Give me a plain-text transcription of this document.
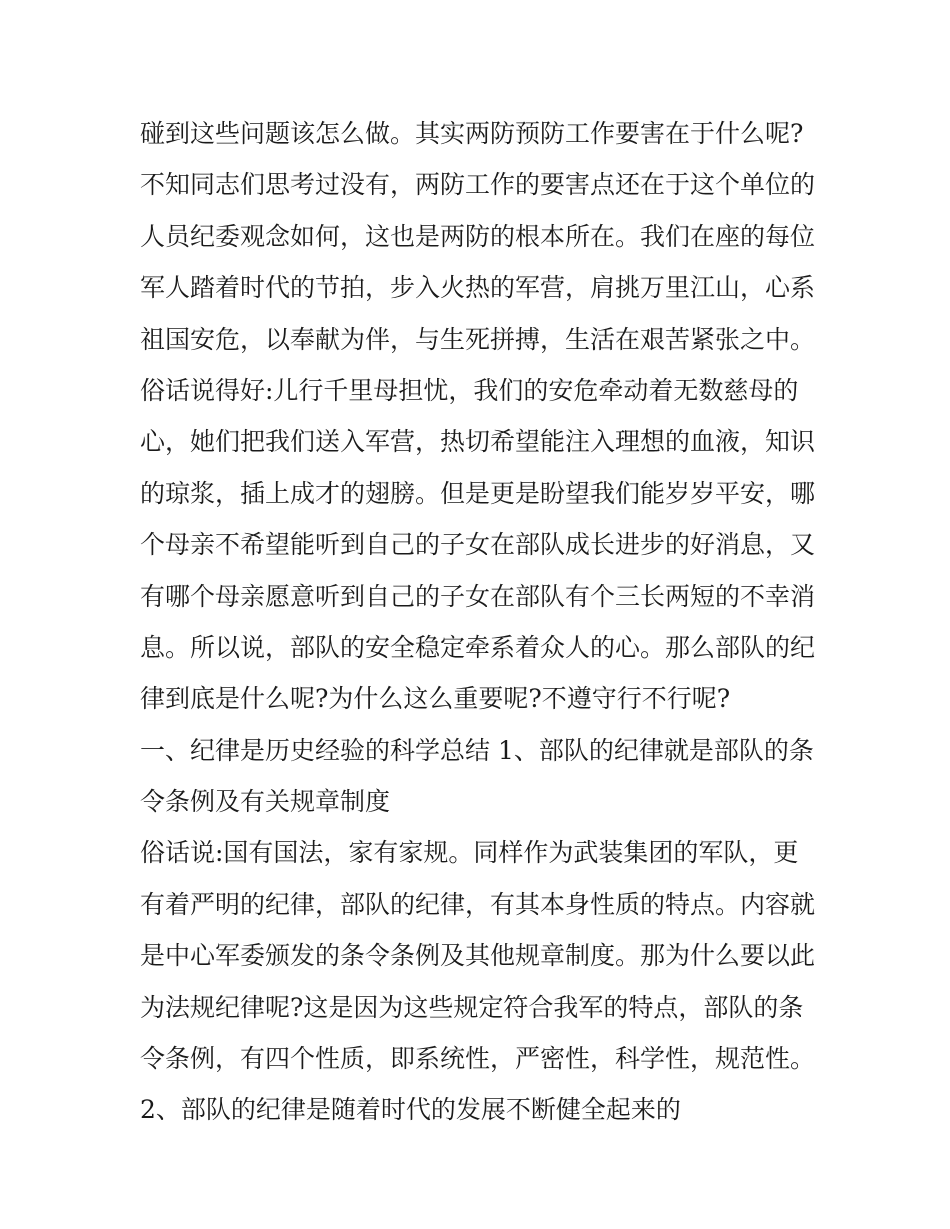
碰到这些问题该怎么做。其实两防预防工作要害在于什么呢?
不知同志们思考过没有，两防工作的要害点还在于这个单位的
人员纪委观念如何，这也是两防的根本所在。我们在座的每位
军人踏着时代的节拍，步入火热的军营，肩挑万里江山，心系
祖国安危，以奉献为伴，与生死拼搏，生活在艰苦紧张之中。
俗话说得好:儿行千里母担忧，我们的安危牵动着无数慈母的
心，她们把我们送入军营，热切希望能注入理想的血液，知识
的琼浆，插上成才的翅膀。但是更是盼望我们能岁岁平安，哪
个母亲不希望能听到自己的子女在部队成长进步的好消息，又
有哪个母亲愿意听到自己的子女在部队有个三长两短的不幸消
息。所以说，部队的安全稳定牵系着众人的心。那么部队的纪
律到底是什么呢?为什么这么重要呢?不遵守行不行呢?
一、纪律是历史经验的科学总结 1、部队的纪律就是部队的条
令条例及有关规章制度
俗话说:国有国法，家有家规。同样作为武装集团的军队，更
有着严明的纪律，部队的纪律，有其本身性质的特点。内容就
是中心军委颁发的条令条例及其他规章制度。那为什么要以此
为法规纪律呢?这是因为这些规定符合我军的特点，部队的条
令条例，有四个性质，即系统性，严密性，科学性，规范性。
2、部队的纪律是随着时代的发展不断健全起来的
